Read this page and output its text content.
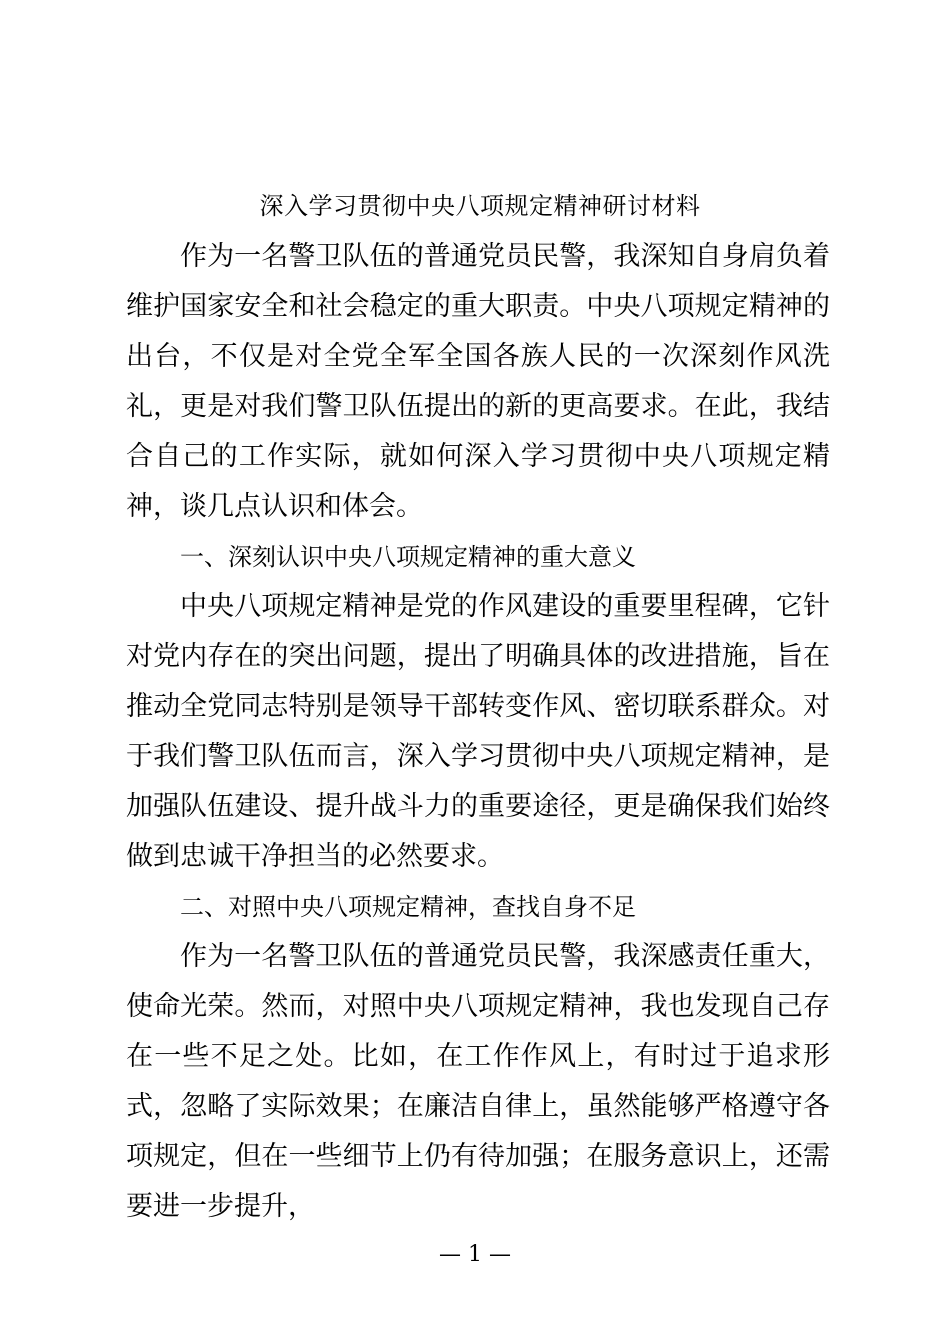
深入学习贯彻中央八项规定精神研讨材料

作为一名警卫队伍的普通党员民警，我深知自身肩负着维护国家安全和社会稳定的重大职责。中央八项规定精神的出台，不仅是对全党全军全国各族人民的一次深刻作风洗礼，更是对我们警卫队伍提出的新的更高要求。在此，我结合自己的工作实际，就如何深入学习贯彻中央八项规定精神，谈几点认识和体会。

一、深刻认识中央八项规定精神的重大意义

中央八项规定精神是党的作风建设的重要里程碑，它针对党内存在的突出问题，提出了明确具体的改进措施，旨在推动全党同志特别是领导干部转变作风、密切联系群众。对于我们警卫队伍而言，深入学习贯彻中央八项规定精神，是加强队伍建设、提升战斗力的重要途径，更是确保我们始终做到忠诚干净担当的必然要求。

二、对照中央八项规定精神，查找自身不足

作为一名警卫队伍的普通党员民警，我深感责任重大，使命光荣。然而，对照中央八项规定精神，我也发现自己存在一些不足之处。比如，在工作作风上，有时过于追求形式，忽略了实际效果；在廉洁自律上，虽然能够严格遵守各项规定，但在一些细节上仍有待加强；在服务意识上，还需要进一步提升，

— 1 —
